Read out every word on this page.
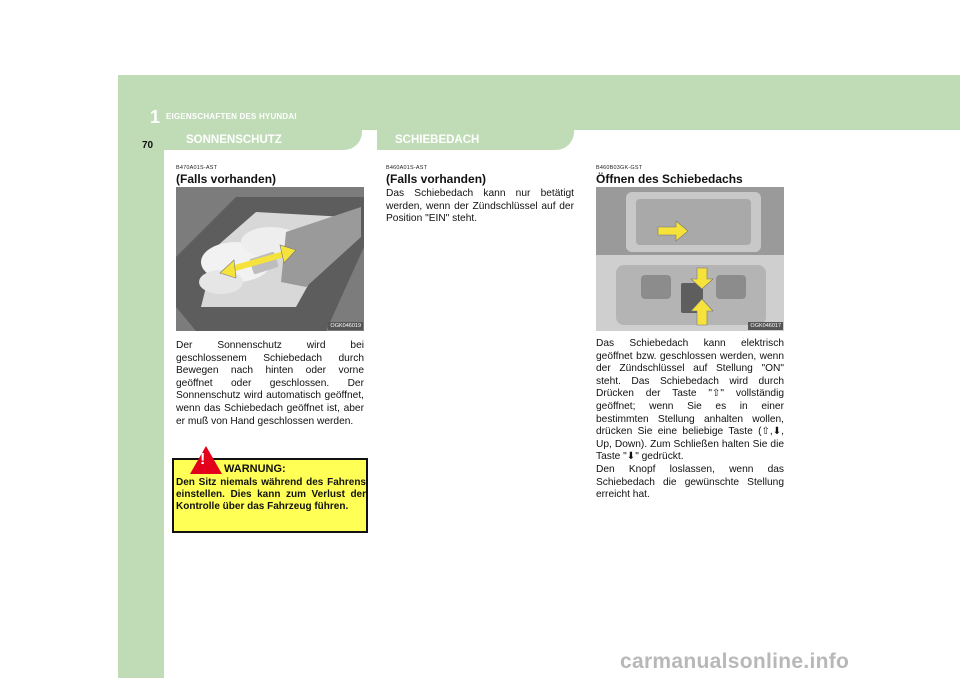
1 EIGENSCHAFTEN DES HYUNDAI
70	SONNENSCHUTZ	SCHIEBEDACH
B470A01S-AST
(Falls vorhanden)
OGK046019
Der Sonnenschutz wird bei geschlossenem Schiebedach durch Bewegen nach hinten oder vorne geöffnet oder geschlossen. Der Sonnenschutz wird automatisch geöffnet, wenn das Schiebedach geöffnet ist, aber er muß von Hand geschlossen werden.
!
WARNUNG:
Den Sitz niemals während des Fahrens einstellen. Dies kann zum Verlust der Kontrolle über das Fahrzeug führen.
B460A01S-AST
(Falls vorhanden)
Das Schiebedach kann nur betätigt werden, wenn der Zündschlüssel auf der Position "EIN" steht.
B460B03GK-GST
Öffnen des Schiebedachs
OGK046017
Das Schiebedach kann elektrisch geöffnet bzw. geschlossen werden, wenn der Zündschlüssel auf Stellung "ON" steht. Das Schiebedach wird durch Drücken der Taste "⇧" vollständig geöffnet; wenn Sie es in einer bestimmten Stellung anhalten wollen, drücken Sie eine beliebige Taste (⇧,⬇, Up, Down). Zum Schließen halten Sie die Taste "⬇" gedrückt.
Den Knopf loslassen, wenn das Schiebedach die gewünschte Stellung erreicht hat.
carmanualsonline.info
